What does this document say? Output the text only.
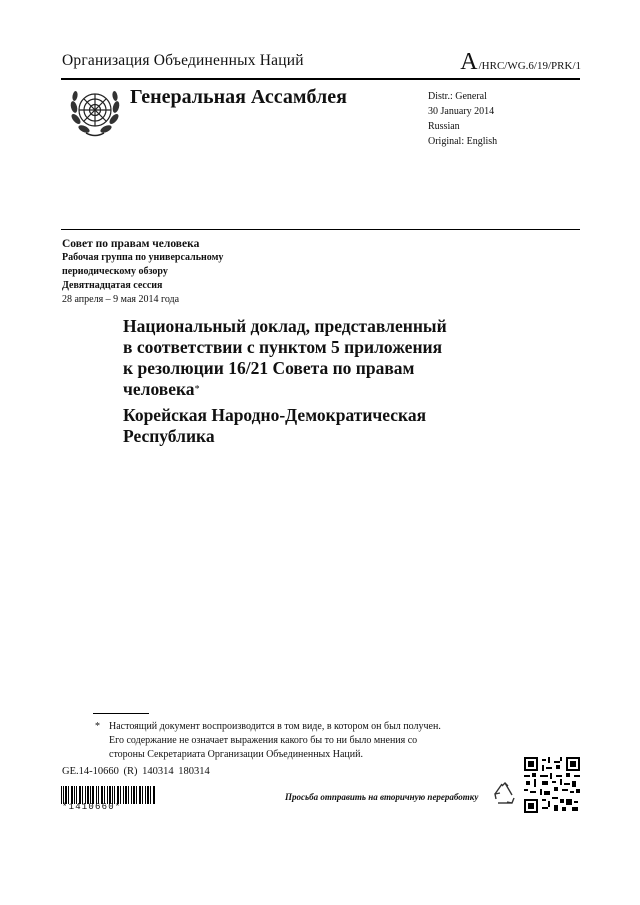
Организация Объединенных Наций	A/HRC/WG.6/19/PRK/1
Генеральная Ассамблея	Distr.: General
30 January 2014
Russian
Original: English
Совет по правам человека
Рабочая группа по универсальному
периодическому обзору
Девятнадцатая сессия
28 апреля – 9 мая 2014 года
Национальный доклад, представленный
в соответствии с пунктом 5 приложения
к резолюции 16/21 Совета по правам
человека*
Корейская Народно-Демократическая
Республика
* Настоящий документ воспроизводится в том виде, в котором он был получен.
Его содержание не означает выражения какого бы то ни было мнения со
стороны Секретариата Организации Объединенных Наций.
GE.14-10660 (R) 140314 180314
*1410660*
Просьба отправить на вторичную переработку
